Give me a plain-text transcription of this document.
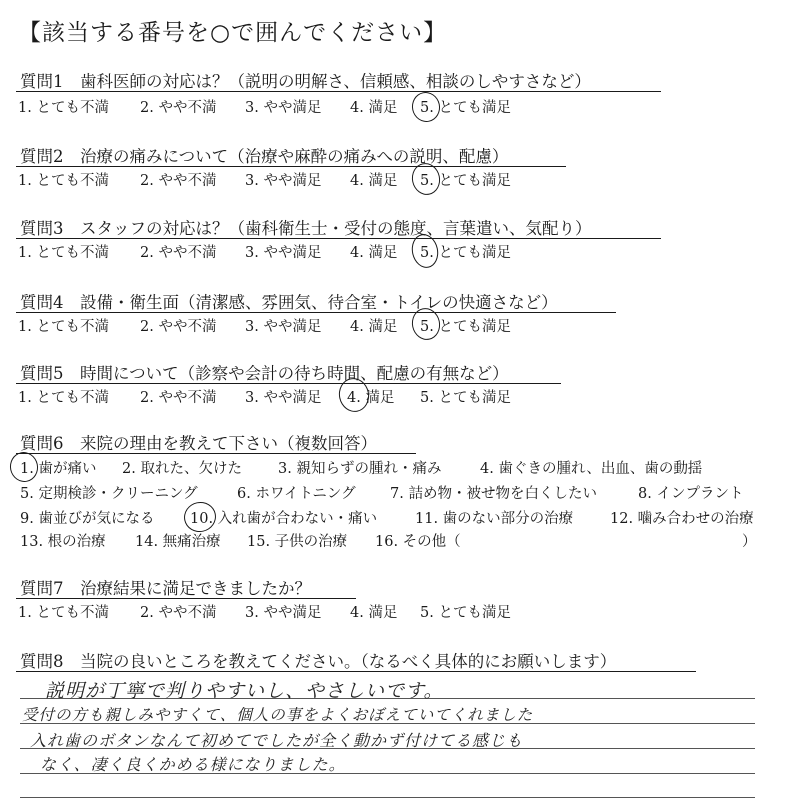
【該当する番号を○で囲んでください】
質問1　歯科医師の対応は？（説明の明解さ、信頼感、相談のしやすさなど）
1. とても不満 2. やや不満 3. やや満足 4. 満足 5. とても満足
質問2　治療の痛みについて（治療や麻酔の痛みへの説明、配慮）
1. とても不満 2. やや不満 3. やや満足 4. 満足 5. とても満足
質問3　スタッフの対応は？（歯科衛生士・受付の態度、言葉遣い、気配り）
1. とても不満 2. やや不満 3. やや満足 4. 満足 5. とても満足
質問4　設備・衛生面（清潔感、雰囲気、待合室・トイレの快適さなど）
1. とても不満 2. やや不満 3. やや満足 4. 満足 5. とても満足
質問5　時間について（診察や会計の待ち時間、配慮の有無など）
1. とても不満 2. やや不満 3. やや満足 4. 満足 5. とても満足
質問6　来院の理由を教えて下さい（複数回答）
1. 歯が痛い 2. 取れた、欠けた 3. 親知らずの腫れ・痛み	4. 歯ぐきの腫れ、出血、歯の動揺
5. 定期検診・クリーニング	6. ホワイトニング 7. 詰め物・被せ物を白くしたい	8. インプラント
9. 歯並びが気になる 10. 入れ歯が合わない・痛い	11. 歯のない部分の治療	12. 噛み合わせの治療
13. 根の治療 14. 無痛治療 15. 子供の治療 16. その他（	）
質問7　治療結果に満足できましたか？
1. とても不満 2. やや不満 3. やや満足 4. 満足 5. とても満足
質問8　当院の良いところを教えてください。（なるべく具体的にお願いします）
説明が丁寧で判りやすいし、やさしいです。
受付の方も親しみやすくて、個人の事をよくおぼえていてくれました
入れ歯のボタンなんて初めてでしたが全く動かず付けてる感じも
なく、凄く良くかめる様になりました。
